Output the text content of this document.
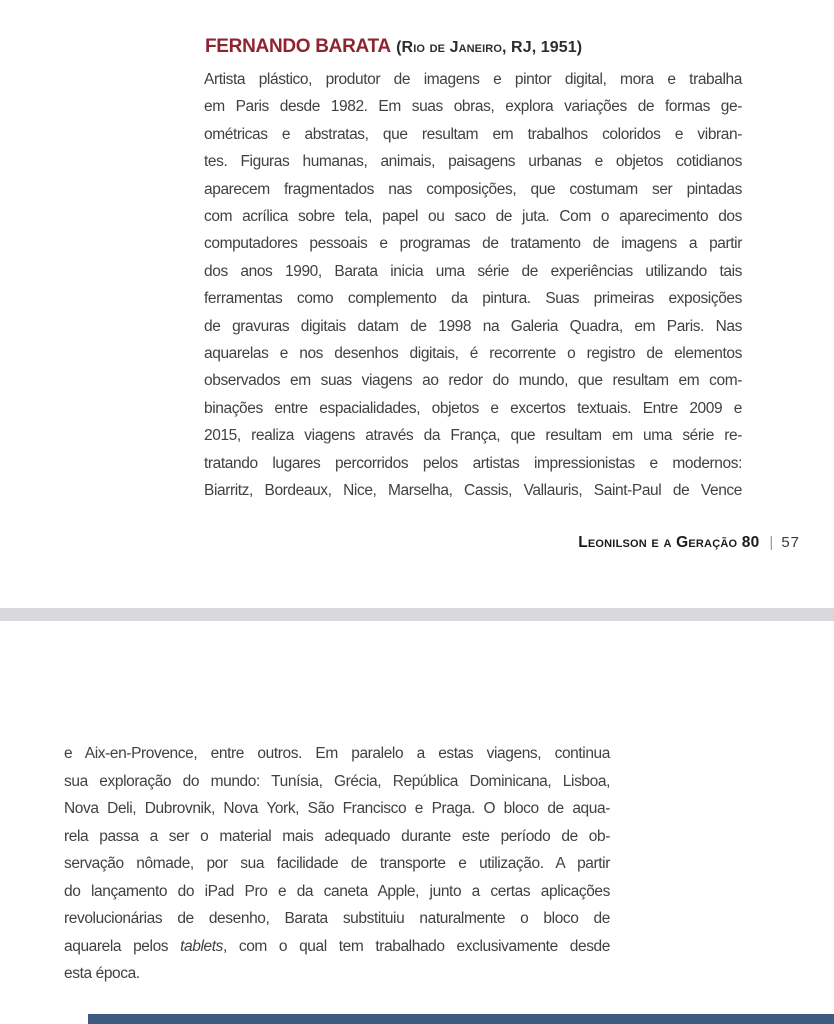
FERNANDO BARATA (Rio de Janeiro, RJ, 1951)
Artista plástico, produtor de imagens e pintor digital, mora e trabalha
em Paris desde 1982. Em suas obras, explora variações de formas ge-
ométricas e abstratas, que resultam em trabalhos coloridos e vibran-
tes. Figuras humanas, animais, paisagens urbanas e objetos cotidianos
aparecem fragmentados nas composições, que costumam ser pintadas
com acrílica sobre tela, papel ou saco de juta. Com o aparecimento dos
computadores pessoais e programas de tratamento de imagens a partir
dos anos 1990, Barata inicia uma série de experiências utilizando tais
ferramentas como complemento da pintura. Suas primeiras exposições
de gravuras digitais datam de 1998 na Galeria Quadra, em Paris. Nas
aquarelas e nos desenhos digitais, é recorrente o registro de elementos
observados em suas viagens ao redor do mundo, que resultam em com-
binações entre espacialidades, objetos e excertos textuais. Entre 2009 e
2015, realiza viagens através da França, que resultam em uma série re-
tratando lugares percorridos pelos artistas impressionistas e modernos:
Biarritz, Bordeaux, Nice, Marselha, Cassis, Vallauris, Saint-Paul de Vence
Leonilson e a Geração 80 | 57
e Aix-en-Provence, entre outros. Em paralelo a estas viagens, continua
sua exploração do mundo: Tunísia, Grécia, República Dominicana, Lisboa,
Nova Deli, Dubrovnik, Nova York, São Francisco e Praga. O bloco de aqua-
rela passa a ser o material mais adequado durante este período de ob-
servação nômade, por sua facilidade de transporte e utilização. A partir
do lançamento do iPad Pro e da caneta Apple, junto a certas aplicações
revolucionárias de desenho, Barata substituiu naturalmente o bloco de
aquarela pelos tablets, com o qual tem trabalhado exclusivamente desde
esta época.
